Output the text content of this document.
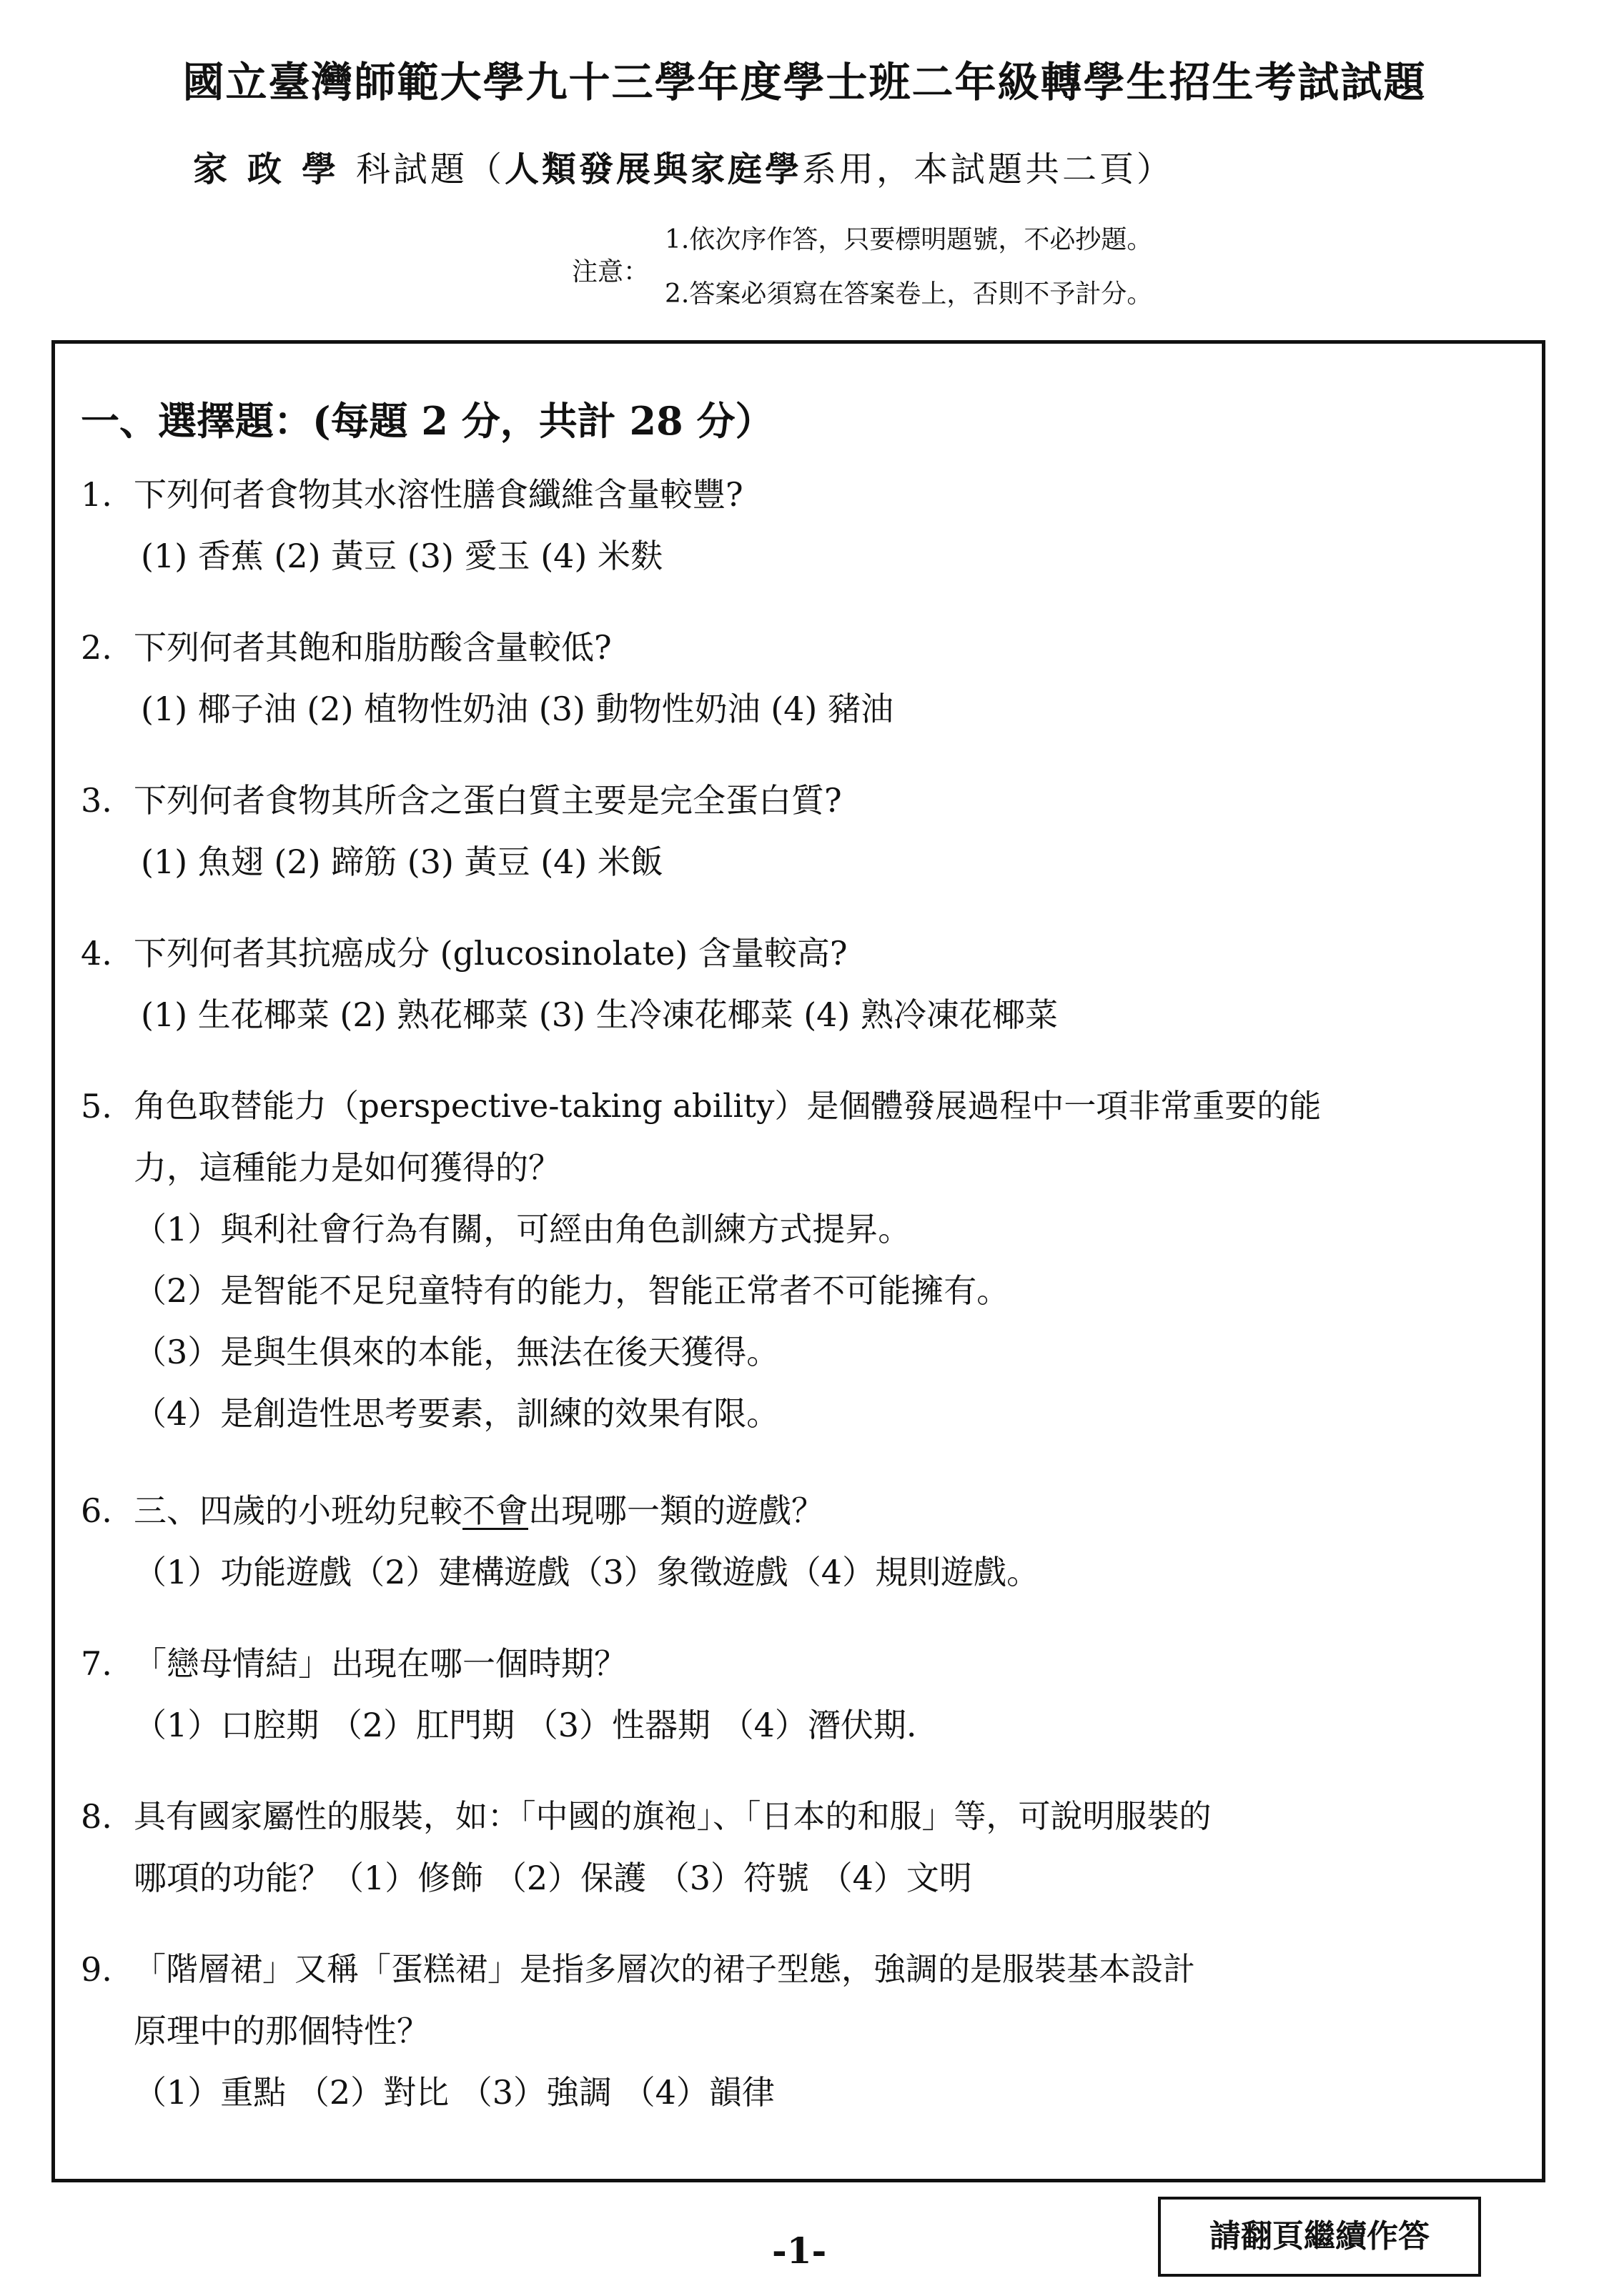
國立臺灣師範大學九十三學年度學士班二年級轉學生招生考試試題
家政學科試題（人類發展與家庭學系用，本試題共二頁）
注意：
1.依次序作答，只要標明題號，不必抄題。
2.答案必須寫在答案卷上，否則不予計分。
一、選擇題：(每題 2 分，共計 28 分）
1. 下列何者食物其水溶性膳食纖維含量較豐?
(1) 香蕉 (2) 黃豆 (3) 愛玉 (4) 米麩
2. 下列何者其飽和脂肪酸含量較低?
(1) 椰子油 (2) 植物性奶油 (3) 動物性奶油 (4) 豬油
3. 下列何者食物其所含之蛋白質主要是完全蛋白質?
(1) 魚翅 (2) 蹄筋 (3) 黃豆 (4) 米飯
4. 下列何者其抗癌成分 (glucosinolate) 含量較高?
(1) 生花椰菜 (2) 熟花椰菜 (3) 生冷凍花椰菜 (4) 熟冷凍花椰菜
5. 角色取替能力（perspective-taking ability）是個體發展過程中一項非常重要的能
力，這種能力是如何獲得的？
（1）與利社會行為有關，可經由角色訓練方式提昇。
（2）是智能不足兒童特有的能力，智能正常者不可能擁有。
（3）是與生俱來的本能，無法在後天獲得。
（4）是創造性思考要素，訓練的效果有限。
6. 三、四歲的小班幼兒較不會出現哪一類的遊戲？
（1）功能遊戲（2）建構遊戲（3）象徵遊戲（4）規則遊戲。
7. 「戀母情結」出現在哪一個時期？
（1）口腔期 （2）肛門期 （3）性器期 （4）潛伏期.
8. 具有國家屬性的服裝，如：「中國的旗袍」、「日本的和服」等，可說明服裝的
哪項的功能？（1）修飾 （2）保護 （3）符號 （4）文明
9. 「階層裙」又稱「蛋糕裙」是指多層次的裙子型態，強調的是服裝基本設計
原理中的那個特性？
（1）重點 （2）對比 （3）強調 （4）韻律
請翻頁繼續作答
-1-
